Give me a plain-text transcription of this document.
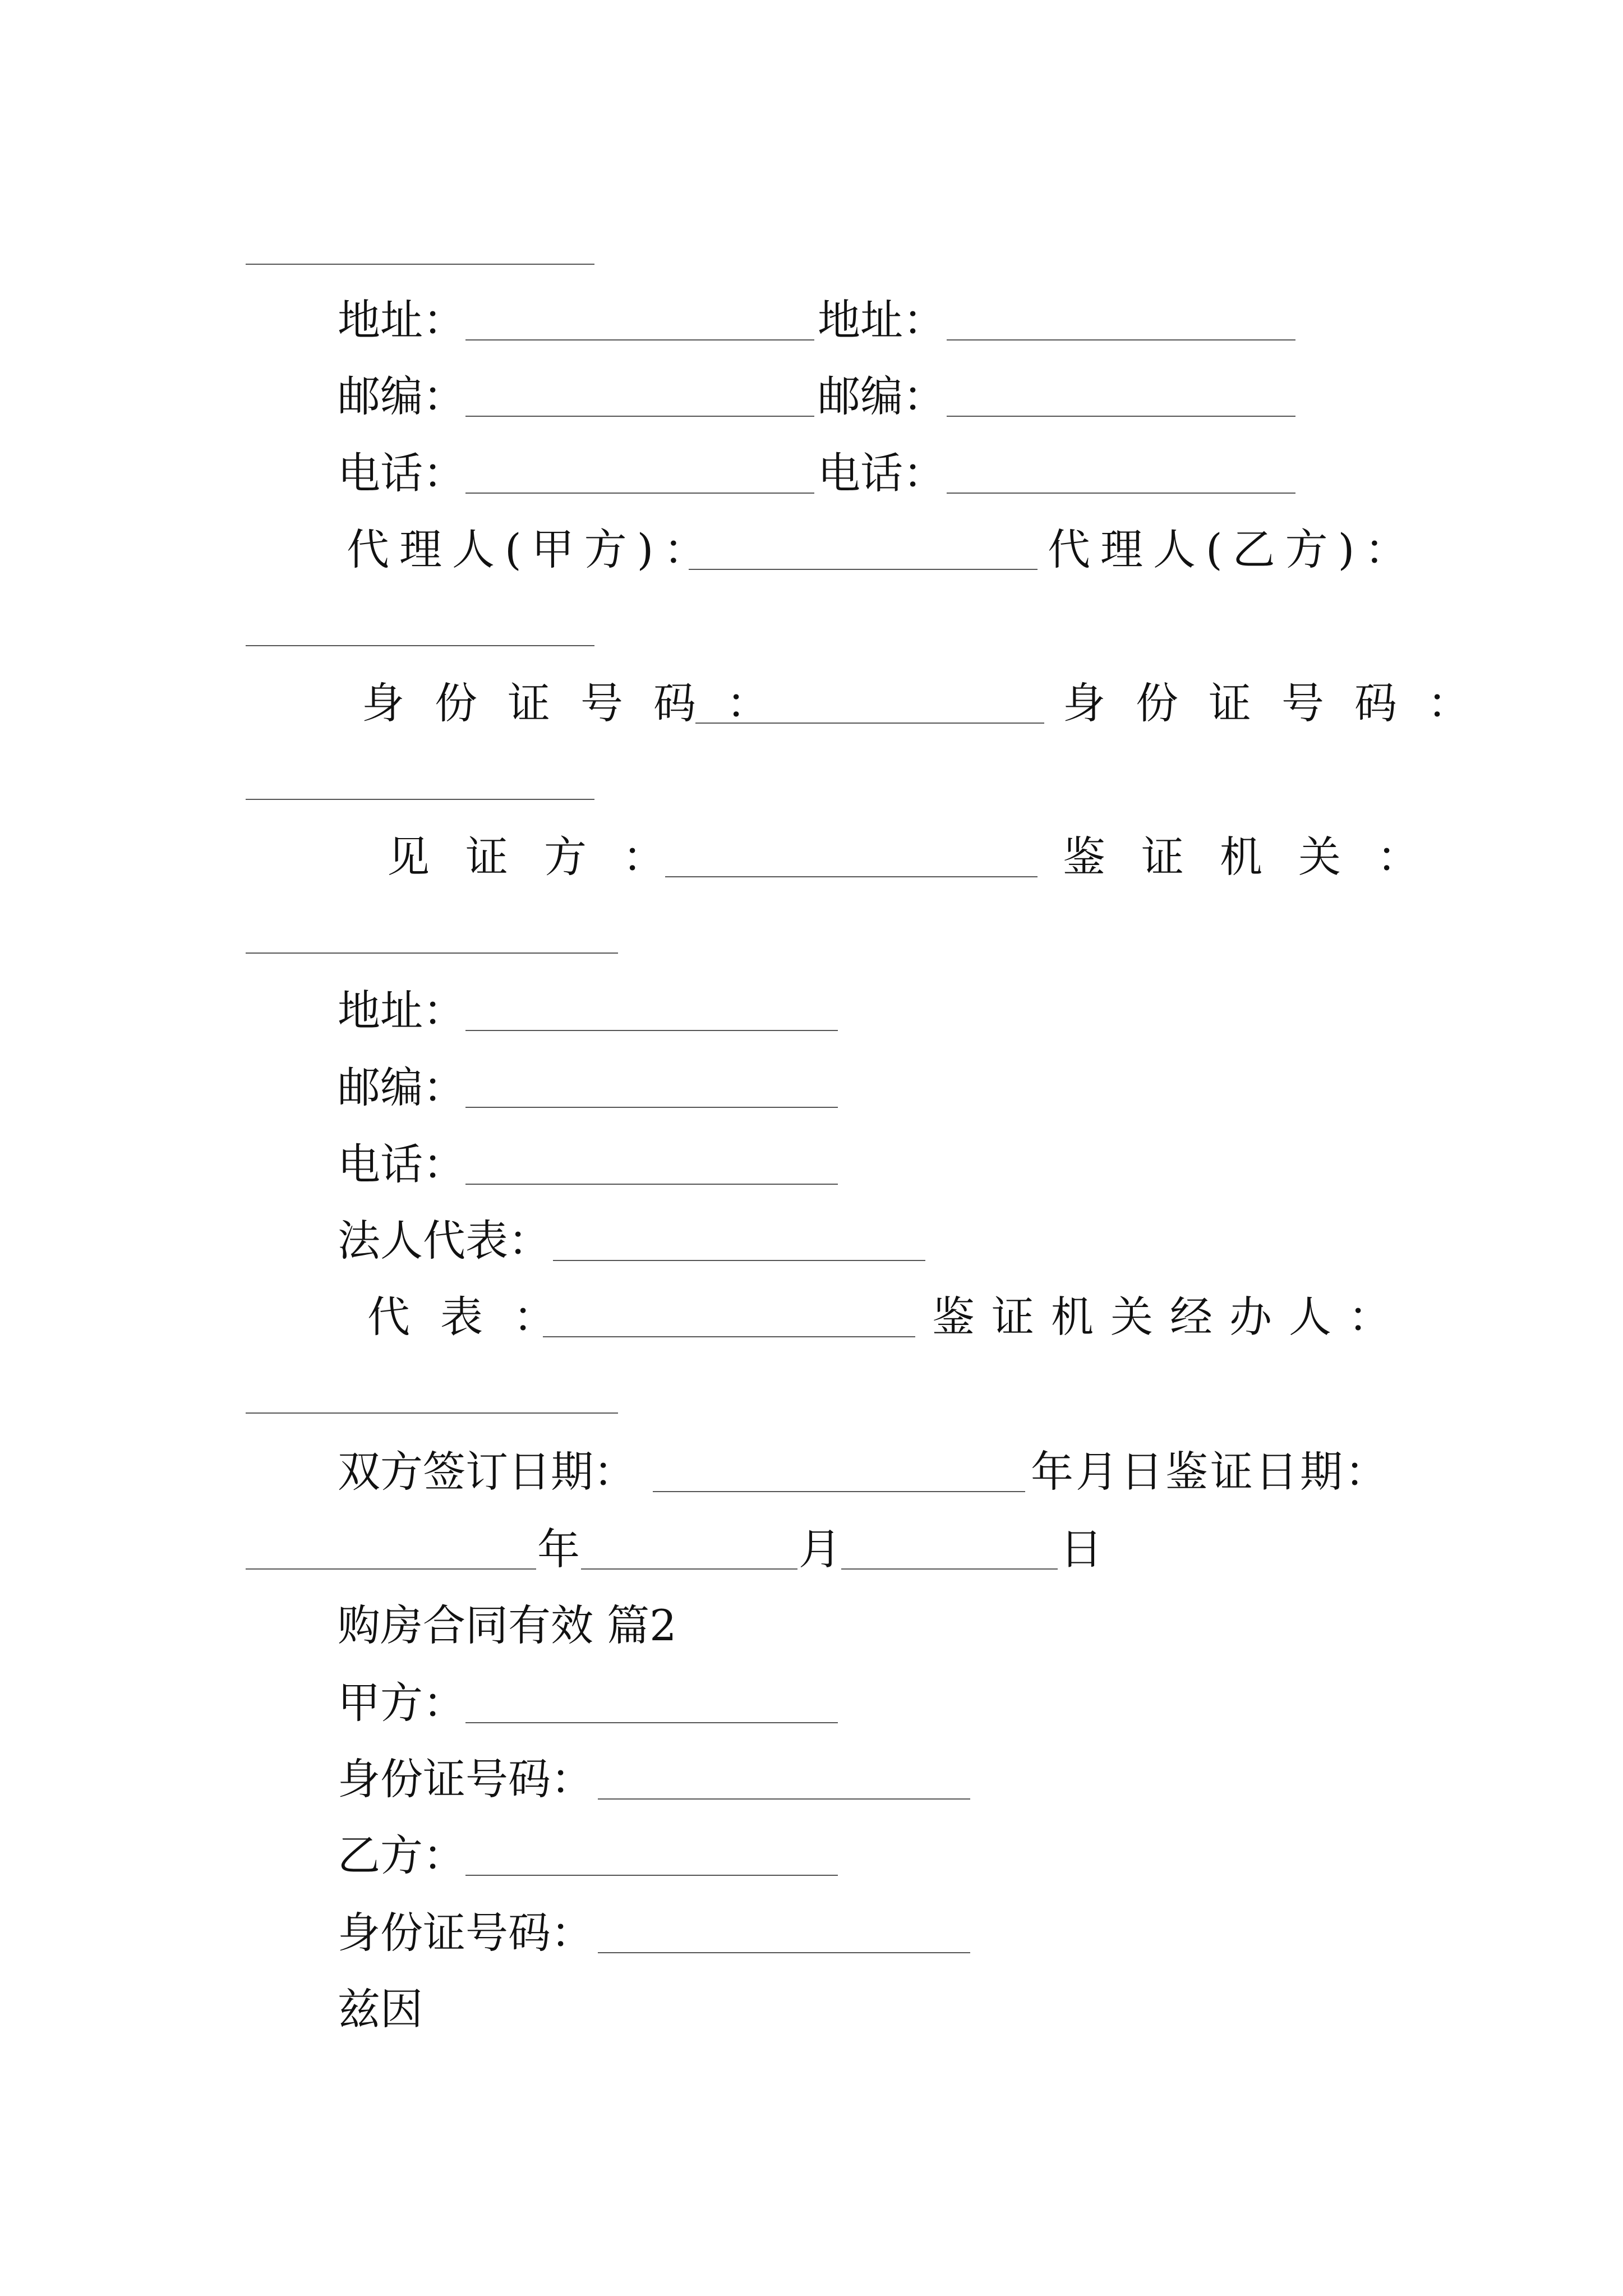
地址：	地址：
邮编：	邮编：
电话：	电话：
代理人(甲方)：	代理人(乙方)：
身份证号码：	身份证号码：
见证方：	鉴证机关：
地址：
邮编：
电话：
法人代表：
代表：	鉴证机关经办人：
双方签订日期：	年月日鉴证日期：
年	月	日
购房合同有效 篇2
甲方：
身份证号码：
乙方：
身份证号码：
兹因
